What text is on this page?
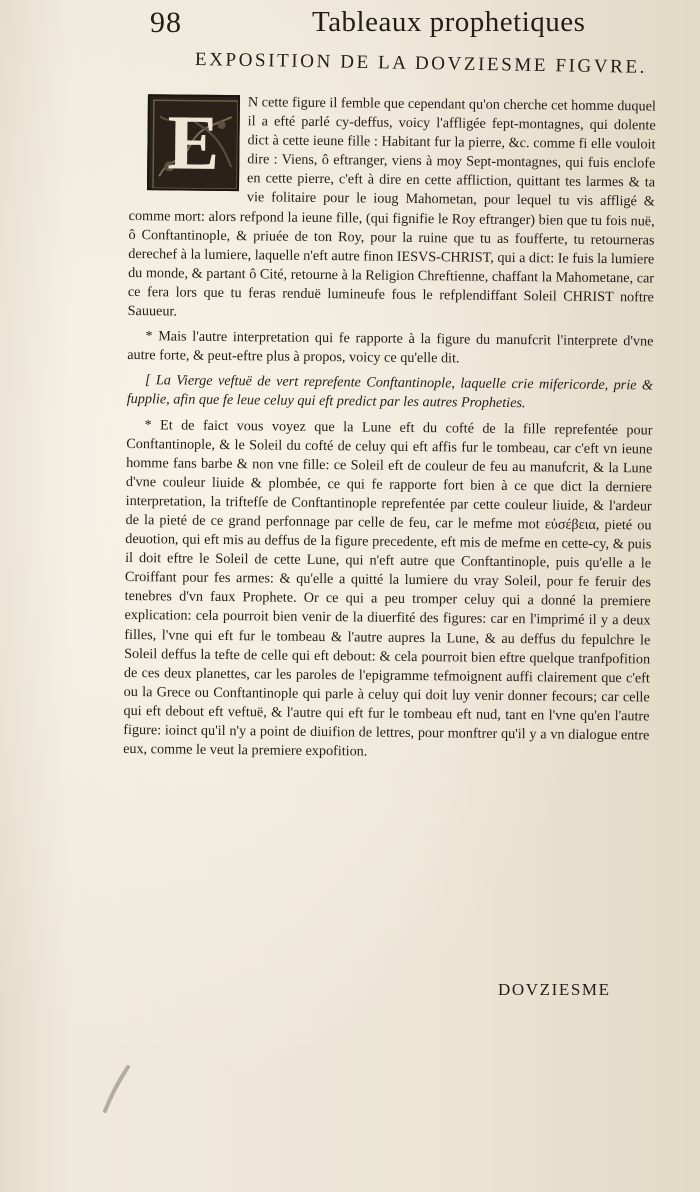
98	Tableaux prophetiques
EXPOSITION DE LA DOVZIESME FIGVRE.
E	N cette figure il femble que cependant qu'on cherche cet homme duquel il a efté parlé cy-deffus, voicy l'affligée fept-montagnes, qui dolente dict à cette ieune fille : Habitant fur la pierre, &c. comme fi elle vouloit dire : Viens, ô eftranger, viens à moy Sept-montagnes, qui fuis enclofe en cette pierre, c'eft à dire en cette affliction, quittant tes larmes & ta vie folitaire pour le ioug Mahometan, pour lequel tu vis affligé & comme mort: alors refpond la ieune fille, (qui fignifie le Roy eftranger) bien que tu fois nuë, ô Conftantinople, & priuée de ton Roy, pour la ruine que tu as foufferte, tu retourneras derechef à la lumiere, laquelle n'eft autre finon IESVS-CHRIST, qui a dict: Ie fuis la lumiere du monde, & partant ô Cité, retourne à la Religion Chreftienne, chaffant la Mahometane, car ce fera lors que tu feras renduë lumineufe fous le refplendiffant Soleil CHRIST noftre Sauueur.

* Mais l'autre interpretation qui fe rapporte à la figure du manufcrit l'interprete d'vne autre forte, & peut-eftre plus à propos, voicy ce qu'elle dit.

[ La Vierge veftuë de vert reprefente Conftantinople, laquelle crie mifericorde, prie & fupplie, afin que fe leue celuy qui eft predict par les autres Propheties.

* Et de faict vous voyez que la Lune eft du cofté de la fille reprefentée pour Conftantinople, & le Soleil du cofté de celuy qui eft affis fur le tombeau, car c'eft vn ieune homme fans barbe & non vne fille: ce Soleil eft de couleur de feu au manufcrit, & la Lune d'vne couleur liuide & plombée, ce qui fe rapporte fort bien à ce que dict la derniere interpretation, la triftefſe de Conftantinople reprefentée par cette couleur liuide, & l'ardeur de la pieté de ce grand perfonnage par celle de feu, car le mefme mot εὐσέβεια, pieté ou deuotion, qui eft mis au deffus de la figure precedente, eft mis de mefme en cette-cy, & puis il doit eftre le Soleil de cette Lune, qui n'eft autre que Conftantinople, puis qu'elle a le Croiffant pour fes armes: & qu'elle a quitté la lumiere du vray Soleil, pour fe feruir des tenebres d'vn faux Prophete. Or ce qui a peu tromper celuy qui a donné la premiere explication: cela pourroit bien venir de la diuerfité des figures: car en l'imprimé il y a deux filles, l'vne qui eft fur le tombeau & l'autre aupres la Lune, & au deffus du fepulchre le Soleil deffus la tefte de celle qui eft debout: & cela pourroit bien eftre quelque tranfpofition de ces deux planettes, car les paroles de l'epigramme tefmoignent auffi clairement que c'eft ou la Grece ou Conftantinople qui parle à celuy qui doit luy venir donner fecours; car celle qui eft debout eft veftuë, & l'autre qui eft fur le tombeau eft nud, tant en l'vne qu'en l'autre figure: ioinct qu'il n'y a point de diuifion de lettres, pour monftrer qu'il y a vn dialogue entre eux, comme le veut la premiere expofition.

DOVZIESME
